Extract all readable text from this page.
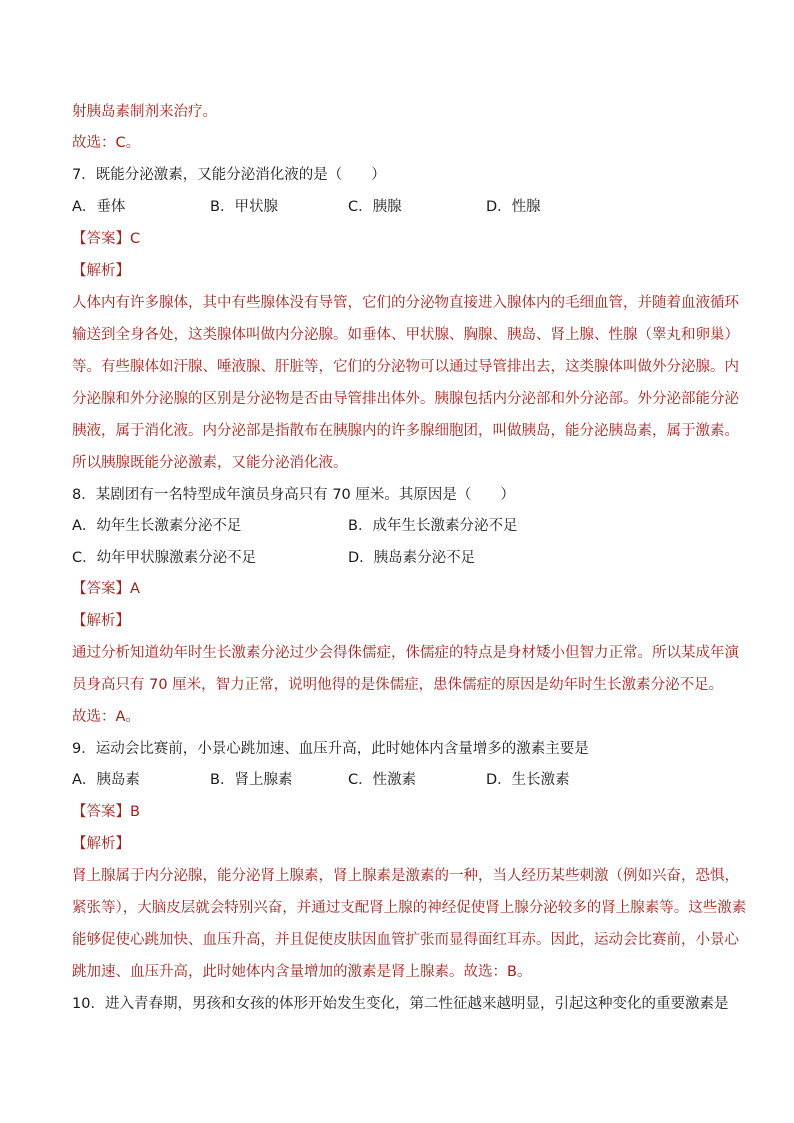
射胰岛素制剂来治疗。
故选：C。
7．既能分泌激素，又能分泌消化液的是（　　）
A．垂体	B．甲状腺	C．胰腺	D．性腺
【答案】C
【解析】
人体内有许多腺体，其中有些腺体没有导管，它们的分泌物直接进入腺体内的毛细血管，并随着血液循环
输送到全身各处，这类腺体叫做内分泌腺。如垂体、甲状腺、胸腺、胰岛、肾上腺、性腺（睾丸和卵巢）
等。有些腺体如汗腺、唾液腺、肝脏等，它们的分泌物可以通过导管排出去，这类腺体叫做外分泌腺。内
分泌腺和外分泌腺的区别是分泌物是否由导管排出体外。胰腺包括内分泌部和外分泌部。外分泌部能分泌
胰液，属于消化液。内分泌部是指散布在胰腺内的许多腺细胞团，叫做胰岛，能分泌胰岛素，属于激素。
所以胰腺既能分泌激素，又能分泌消化液。
8．某剧团有一名特型成年演员身高只有 70 厘米。其原因是（　　）
A．幼年生长激素分泌不足	B．成年生长激素分泌不足
C．幼年甲状腺激素分泌不足	D．胰岛素分泌不足
【答案】A
【解析】
通过分析知道幼年时生长激素分泌过少会得侏儒症，侏儒症的特点是身材矮小但智力正常。所以某成年演
员身高只有 70 厘米，智力正常，说明他得的是侏儒症，患侏儒症的原因是幼年时生长激素分泌不足。
故选：A。
9．运动会比赛前，小景心跳加速、血压升高，此时她体内含量增多的激素主要是
A．胰岛素	B．肾上腺素	C．性激素	D．生长激素
【答案】B
【解析】
肾上腺属于内分泌腺，能分泌肾上腺素，肾上腺素是激素的一种，当人经历某些刺激（例如兴奋，恐惧，
紧张等），大脑皮层就会特别兴奋，并通过支配肾上腺的神经促使肾上腺分泌较多的肾上腺素等。这些激素
能够促使心跳加快、血压升高，并且促使皮肤因血管扩张而显得面红耳赤。因此，运动会比赛前，小景心
跳加速、血压升高，此时她体内含量增加的激素是肾上腺素。故选：B。
10．进入青春期，男孩和女孩的体形开始发生变化，第二性征越来越明显，引起这种变化的重要激素是
